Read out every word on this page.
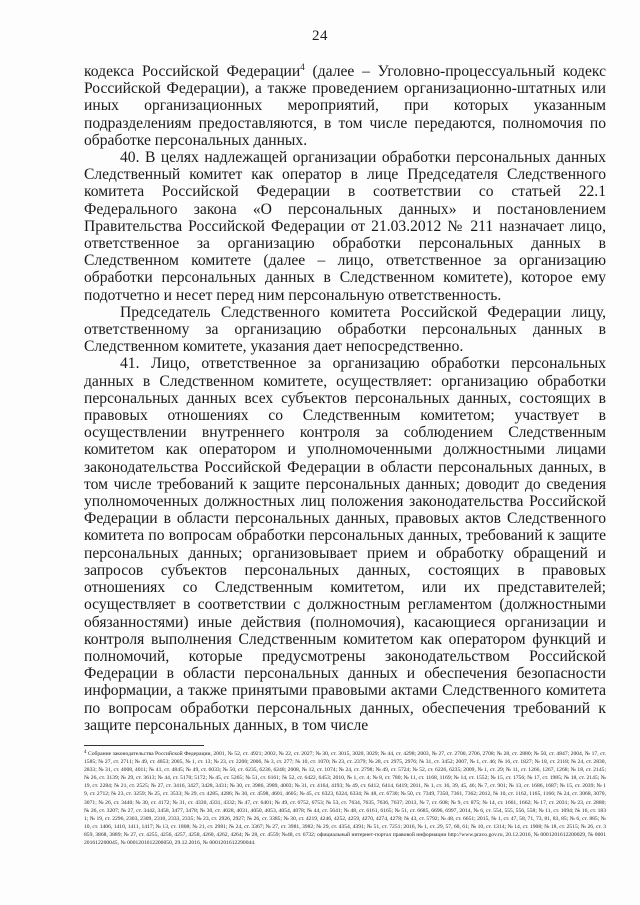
24

кодекса Российской Федерации$^4$ (далее – Уголовно-процессуальный кодекс Российской Федерации), а также проведением организационно-штатных или иных организационных мероприятий, при которых указанным подразделениям предоставляются, в том числе передаются, полномочия по обработке персональных данных.

40. В целях надлежащей организации обработки персональных данных Следственный комитет как оператор в лице Председателя Следственного комитета Российской Федерации в соответствии со статьей 22.1 Федерального закона «О персональных данных» и постановлением Правительства Российской Федерации от 21.03.2012 № 211 назначает лицо, ответственное за организацию обработки персональных данных в Следственном комитете (далее – лицо, ответственное за организацию обработки персональных данных в Следственном комитете), которое ему подотчетно и несет перед ним персональную ответственность.

Председатель Следственного комитета Российской Федерации лицу, ответственному за организацию обработки персональных данных в Следственном комитете, указания дает непосредственно.

41. Лицо, ответственное за организацию обработки персональных данных в Следственном комитете, осуществляет: организацию обработки персональных данных всех субъектов персональных данных, состоящих в правовых отношениях со Следственным комитетом; участвует в осуществлении внутреннего контроля за соблюдением Следственным комитетом как оператором и уполномоченными должностными лицами законодательства Российской Федерации в области персональных данных, в том числе требований к защите персональных данных; доводит до сведения уполномоченных должностных лиц положения законодательства Российской Федерации в области персональных данных, правовых актов Следственного комитета по вопросам обработки персональных данных, требований к защите персональных данных; организовывает прием и обработку обращений и запросов субъектов персональных данных, состоящих в правовых отношениях со Следственным комитетом, или их представителей; осуществляет в соответствии с должностным регламентом (должностными обязанностями) иные действия (полномочия), касающиеся организации и контроля выполнения Следственным комитетом как оператором функций и полномочий, которые предусмотрены законодательством Российской Федерации в области персональных данных и обеспечения безопасности информации, а также принятыми правовыми актами Следственного комитета по вопросам обработки персональных данных, обеспечения требований к защите персональных данных, в том числе

$^4$ Собрание законодательства Российской Федерации, 2001, № 52, ст. 4921; 2002, № 22, ст. 2027; № 30, ст. 3015, 3020, 3029; № 44, ст. 4298; 2003, № 27, ст. 2700, 2706, 2708; № 28, ст. 2880; № 50, ст. 4847; 2004, № 17, ст. 1585; № 27, ст. 2711; № 49, ст. 4853; 2005, № 1, ст. 13; № 23, ст. 2200; 2006, № 3, ст. 277; № 10, ст. 1070; № 23, ст. 2379; № 28, ст. 2975, 2976; № 31, ст. 3452; 2007, № 1, ст. 46; № 16, ст. 1827; № 18, ст. 2118; № 24, ст. 2830, 2833; № 31, ст. 4008, 4011; № 41, ст. 4845; № 49, ст. 6033; № 50, ст. 6235, 6236, 6248; 2008, № 12, ст. 1074; № 24, ст. 2798; № 49, ст. 5724; № 52, ст. 6226, 6235; 2009, № 1, ст. 29; № 11, ст. 1266, 1267, 1268; № 18, ст. 2145; № 26, ст. 3139; № 29, ст. 3613; № 44, ст. 5170; 5172; № 45, ст. 5265; № 51, ст. 6161; № 52, ст. 6422, 6453; 2010, № 1, ст. 4; № 8, ст. 780; № 11, ст. 1168, 1169; № 14, ст. 1552; № 15, ст. 1756; № 17, ст. 1985; № 18, ст. 2145; № 19, ст. 2284; № 21, ст. 2525; № 27, ст. 3416, 3427, 3428, 3431; № 30, ст. 3986, 3989, 4003; № 31, ст. 4164, 4193; № 49, ст. 6412, 6414, 6419; 2011, № 1, ст. 16, 39, 45, 46; № 7, ст. 901; № 13, ст. 1686, 1687; № 15, ст. 2039; № 19, ст. 2712; № 23, ст. 3259; № 25, ст. 3533; № 29, ст. 4285, 4286; № 30, ст. 4598, 4601, 4605; № 45, ст. 6323, 6324, 6334; № 48, ст. 6730; № 50, ст. 7349, 7350, 7361, 7362; 2012, № 10, ст. 1162, 1165, 1166; № 24, ст. 3068, 3070, 3071; № 26, ст. 3440; № 30, ст. 4172; № 31, ст. 4330, 4331, 4332; № 47, ст. 6401; № 49, ст. 6752, 6753; № 53, ст. 7634, 7635, 7636, 7637; 2013, № 7, ст. 608; № 9, ст. 875; № 14, ст. 1661, 1662; № 17, ст. 2031; № 23, ст. 2880; № 26, ст. 3207; № 27, ст. 3442, 3458, 3477, 3478; № 30, ст. 4028, 4031, 4050, 4053, 4054, 4078; № 44, ст. 5641; № 48, ст. 6161, 6165; № 51, ст. 6685, 6696, 6997, 2014, № 6, ст. 554, 555, 556, 558; № 11, ст. 1094; № 16, ст. 1831; № 19, ст. 2296, 2303, 2309, 2310, 2333, 2335; № 23, ст. 2926, 2927; № 26, ст. 3385; № 30, ст. 4219, 4246, 4252, 4259, 4270, 4274, 4278; № 43, ст. 5792; № 48, ст. 6651; 2015, № 1, ст. 47, 58, 71, 73, 81, 83, 85; № 6, ст. 885; № 10, ст. 1406, 1410, 1411, 1417; № 13, ст. 1808; № 21, ст. 2981; № 24, ст. 3367; № 27, ст. 3981, 3982; № 29, ст. 4354, 4391; № 51, ст. 7251; 2016, № 1, ст. 29, 57, 60, 61; № 10, ст. 1314; № 14, ст. 1908; № 18, ст. 2515; № 26, ст. 3859, 3868, 3889; № 27, ст. 4255, 4256, 4257, 4258, 4260, 4262, 4264; № 28, ст. 4559; №48, ст. 6732; официальный интернет-портал правовой информации http://www.pravo.gov.ru, 20.12.2016, № 0001201612200029, № 0001201612200045, № 0001201612200050, 29.12.2016, № 0001201612290044.
